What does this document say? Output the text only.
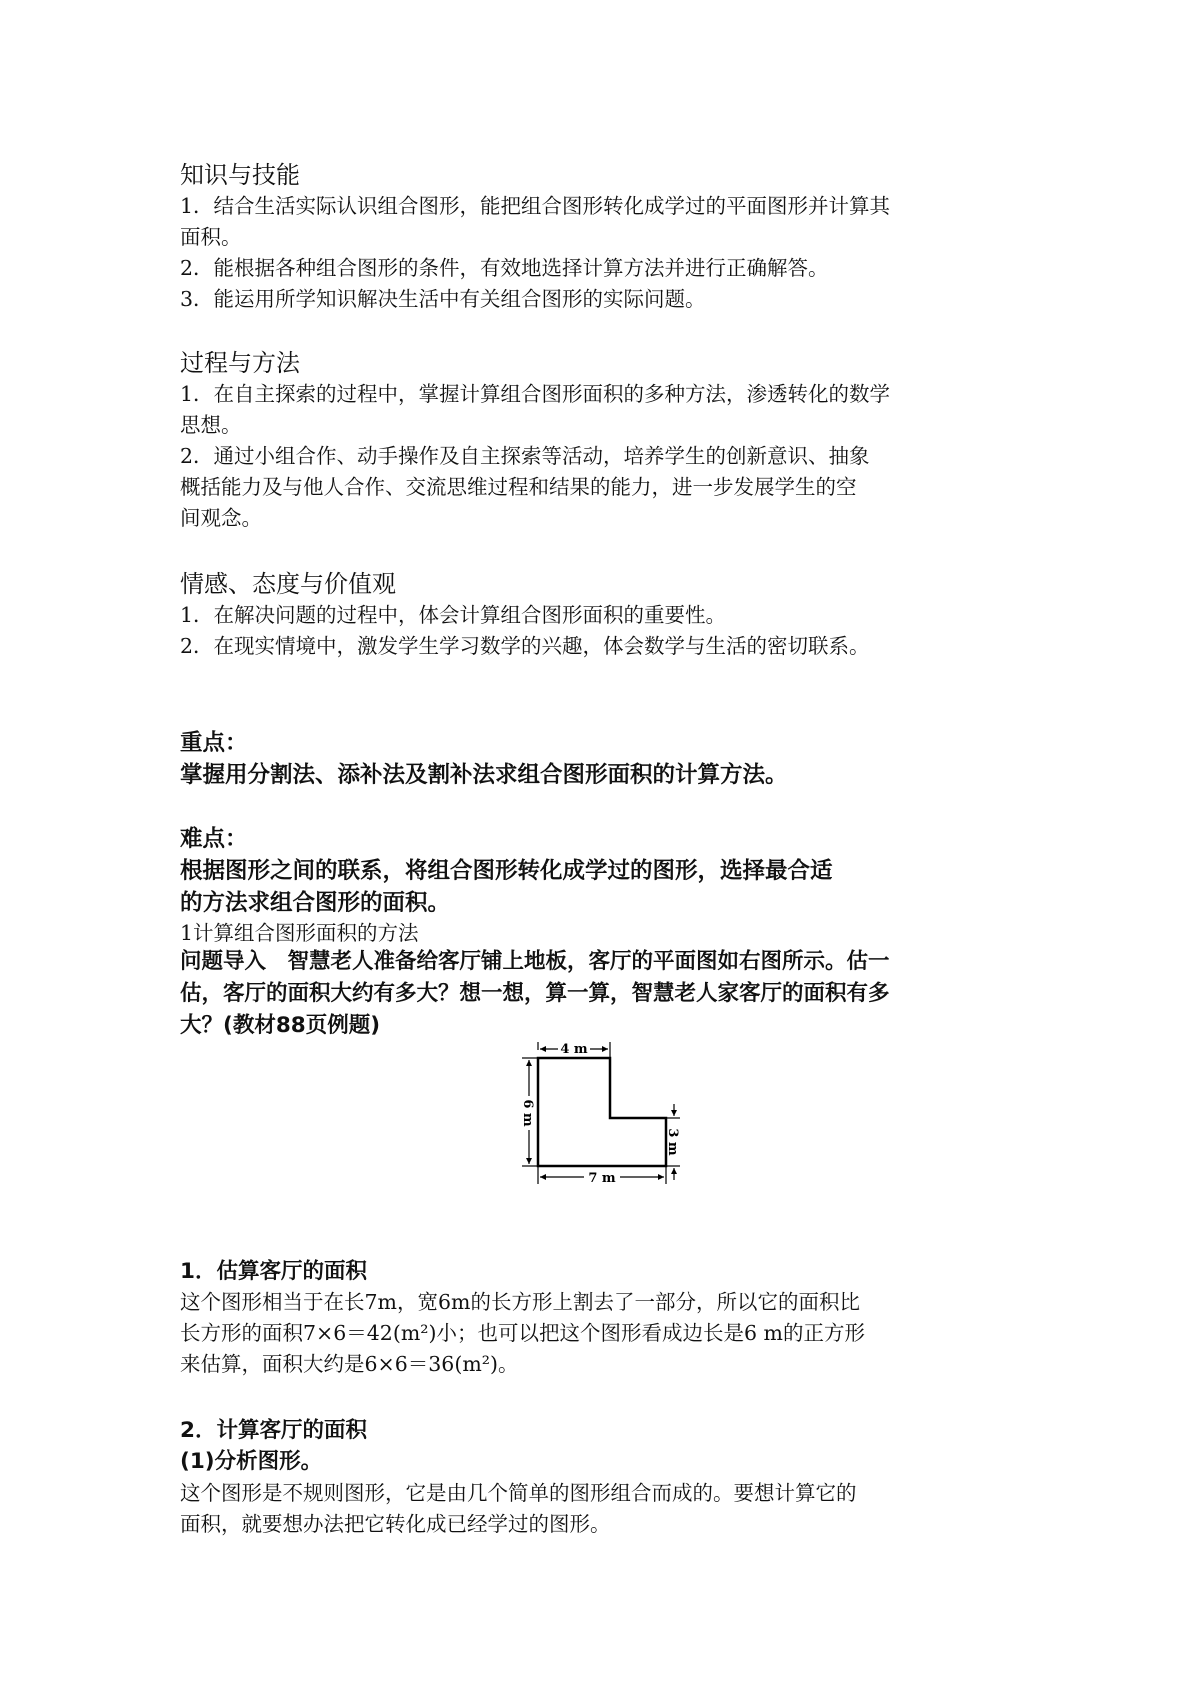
知识与技能
1．结合生活实际认识组合图形，能把组合图形转化成学过的平面图形并计算其
面积。
2．能根据各种组合图形的条件，有效地选择计算方法并进行正确解答。
3．能运用所学知识解决生活中有关组合图形的实际问题。
过程与方法
1．在自主探索的过程中，掌握计算组合图形面积的多种方法，渗透转化的数学
思想。
2．通过小组合作、动手操作及自主探索等活动，培养学生的创新意识、抽象
概括能力及与他人合作、交流思维过程和结果的能力，进一步发展学生的空
间观念。
情感、态度与价值观
1．在解决问题的过程中，体会计算组合图形面积的重要性。
2．在现实情境中，激发学生学习数学的兴趣，体会数学与生活的密切联系。
重点：
掌握用分割法、添补法及割补法求组合图形面积的计算方法。
难点：
根据图形之间的联系，将组合图形转化成学过的图形，选择最合适
的方法求组合图形的面积。
1计算组合图形面积的方法
问题导入　智慧老人准备给客厅铺上地板，客厅的平面图如右图所示。估一
估，客厅的面积大约有多大？想一想，算一算，智慧老人家客厅的面积有多
大？(教材88页例题)
4 m
6 m
3 m
7 m
1．估算客厅的面积
这个图形相当于在长7m，宽6m的长方形上割去了一部分，所以它的面积比
长方形的面积7×6＝42(m²)小；也可以把这个图形看成边长是6 m的正方形
来估算，面积大约是6×6＝36(m²)。
2．计算客厅的面积
(1)分析图形。
这个图形是不规则图形，它是由几个简单的图形组合而成的。要想计算它的
面积，就要想办法把它转化成已经学过的图形。
